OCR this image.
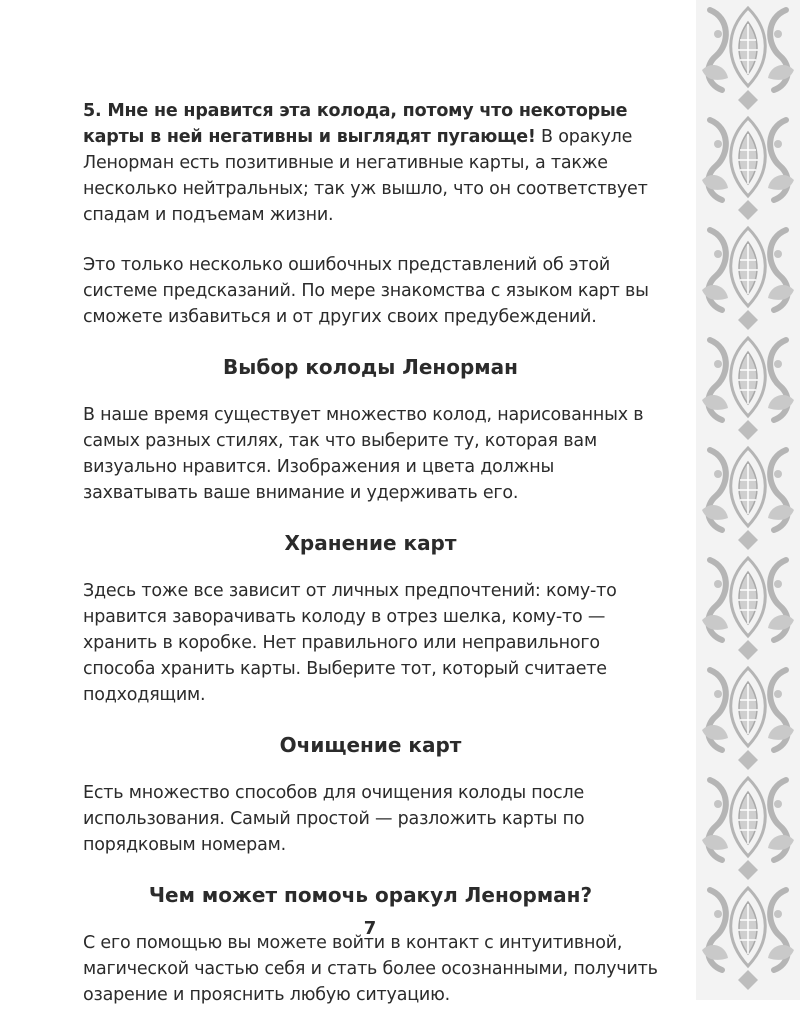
5. Мне не нравится эта колода, потому что некоторые карты в ней негативны и выглядят пугающе! В оракуле Ленорман есть позитивные и негативные карты, а также несколько нейтральных; так уж вышло, что он соответствует спадам и подъемам жизни.

Это только несколько ошибочных представлений об этой системе предсказаний. По мере знакомства с языком карт вы сможете избавиться и от других своих предубеждений.

Выбор колоды Ленорман

В наше время существует множество колод, нарисованных в самых разных стилях, так что выберите ту, которая вам визуально нравится. Изображения и цвета должны захватывать ваше внимание и удерживать его.

Хранение карт

Здесь тоже все зависит от личных предпочтений: кому-то нравится заворачивать колоду в отрез шелка, кому-то — хранить в коробке. Нет правильного или неправильного способа хранить карты. Выберите тот, который считаете подходящим.

Очищение карт

Есть множество способов для очищения колоды после использования. Самый простой — разложить карты по порядковым номерам.

Чем может помочь оракул Ленорман?

С его помощью вы можете войти в контакт с интуитивной, магической частью себя и стать более осознанными, получить озарение и прояснить любую ситуацию.

7
